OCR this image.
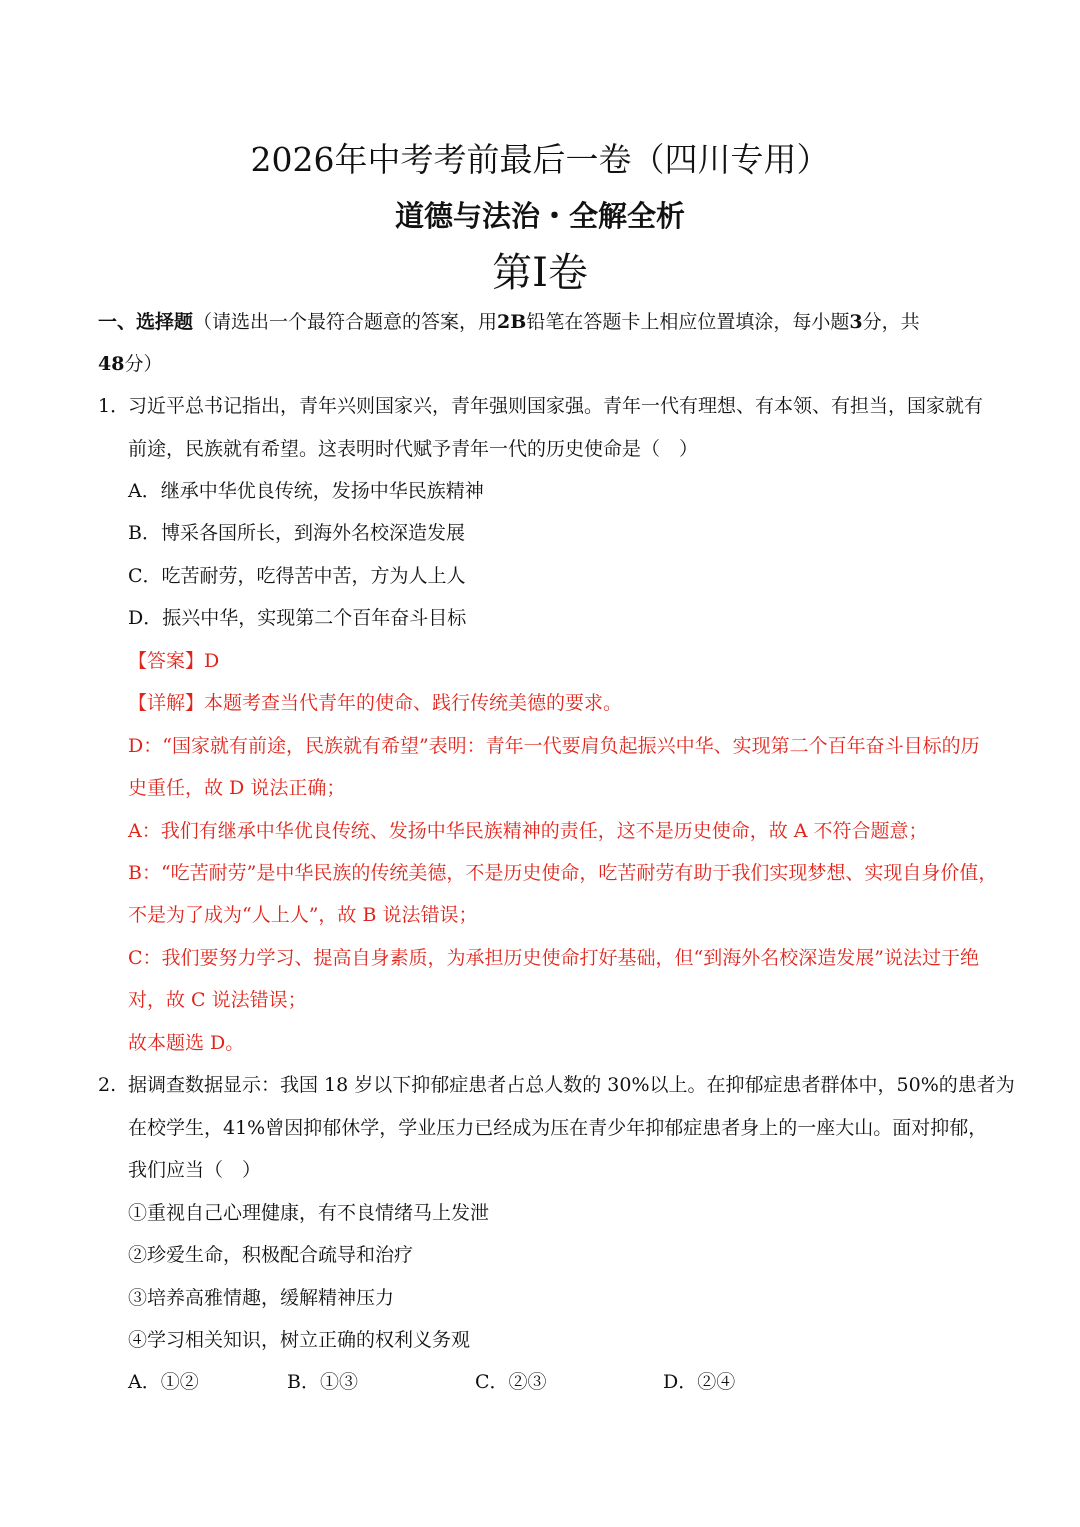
2026年中考考前最后一卷（四川专用）
道德与法治・全解全析
第I卷
一、选择题（请选出一个最符合题意的答案，用2B铅笔在答题卡上相应位置填涂，每小题3分，共
48分）
1．
习近平总书记指出，青年兴则国家兴，青年强则国家强。青年一代有理想、有本领、有担当，国家就有
前途，民族就有希望。这表明时代赋予青年一代的历史使命是（　）
A．继承中华优良传统，发扬中华民族精神
B．博采各国所长，到海外名校深造发展
C．吃苦耐劳，吃得苦中苦，方为人上人
D．振兴中华，实现第二个百年奋斗目标
【答案】D
【详解】本题考查当代青年的使命、践行传统美德的要求。
D：“国家就有前途，民族就有希望”表明：青年一代要肩负起振兴中华、实现第二个百年奋斗目标的历
史重任，故 D 说法正确；
A：我们有继承中华优良传统、发扬中华民族精神的责任，这不是历史使命，故 A 不符合题意；
B：“吃苦耐劳”是中华民族的传统美德，不是历史使命，吃苦耐劳有助于我们实现梦想、实现自身价值，
不是为了成为“人上人”，故 B 说法错误；
C：我们要努力学习、提高自身素质，为承担历史使命打好基础，但“到海外名校深造发展”说法过于绝
对，故 C 说法错误；
故本题选 D。
2. 据调查数据显示：我国 18 岁以下抑郁症患者占总人数的 30%以上。在抑郁症患者群体中，50%的患者为
在校学生，41%曾因抑郁休学，学业压力已经成为压在青少年抑郁症患者身上的一座大山。面对抑郁，
我们应当（　）
①重视自己心理健康，有不良情绪马上发泄
②珍爱生命，积极配合疏导和治疗
③培养高雅情趣，缓解精神压力
④学习相关知识，树立正确的权利义务观
A．①②	B．①③	C．②③	D．②④
